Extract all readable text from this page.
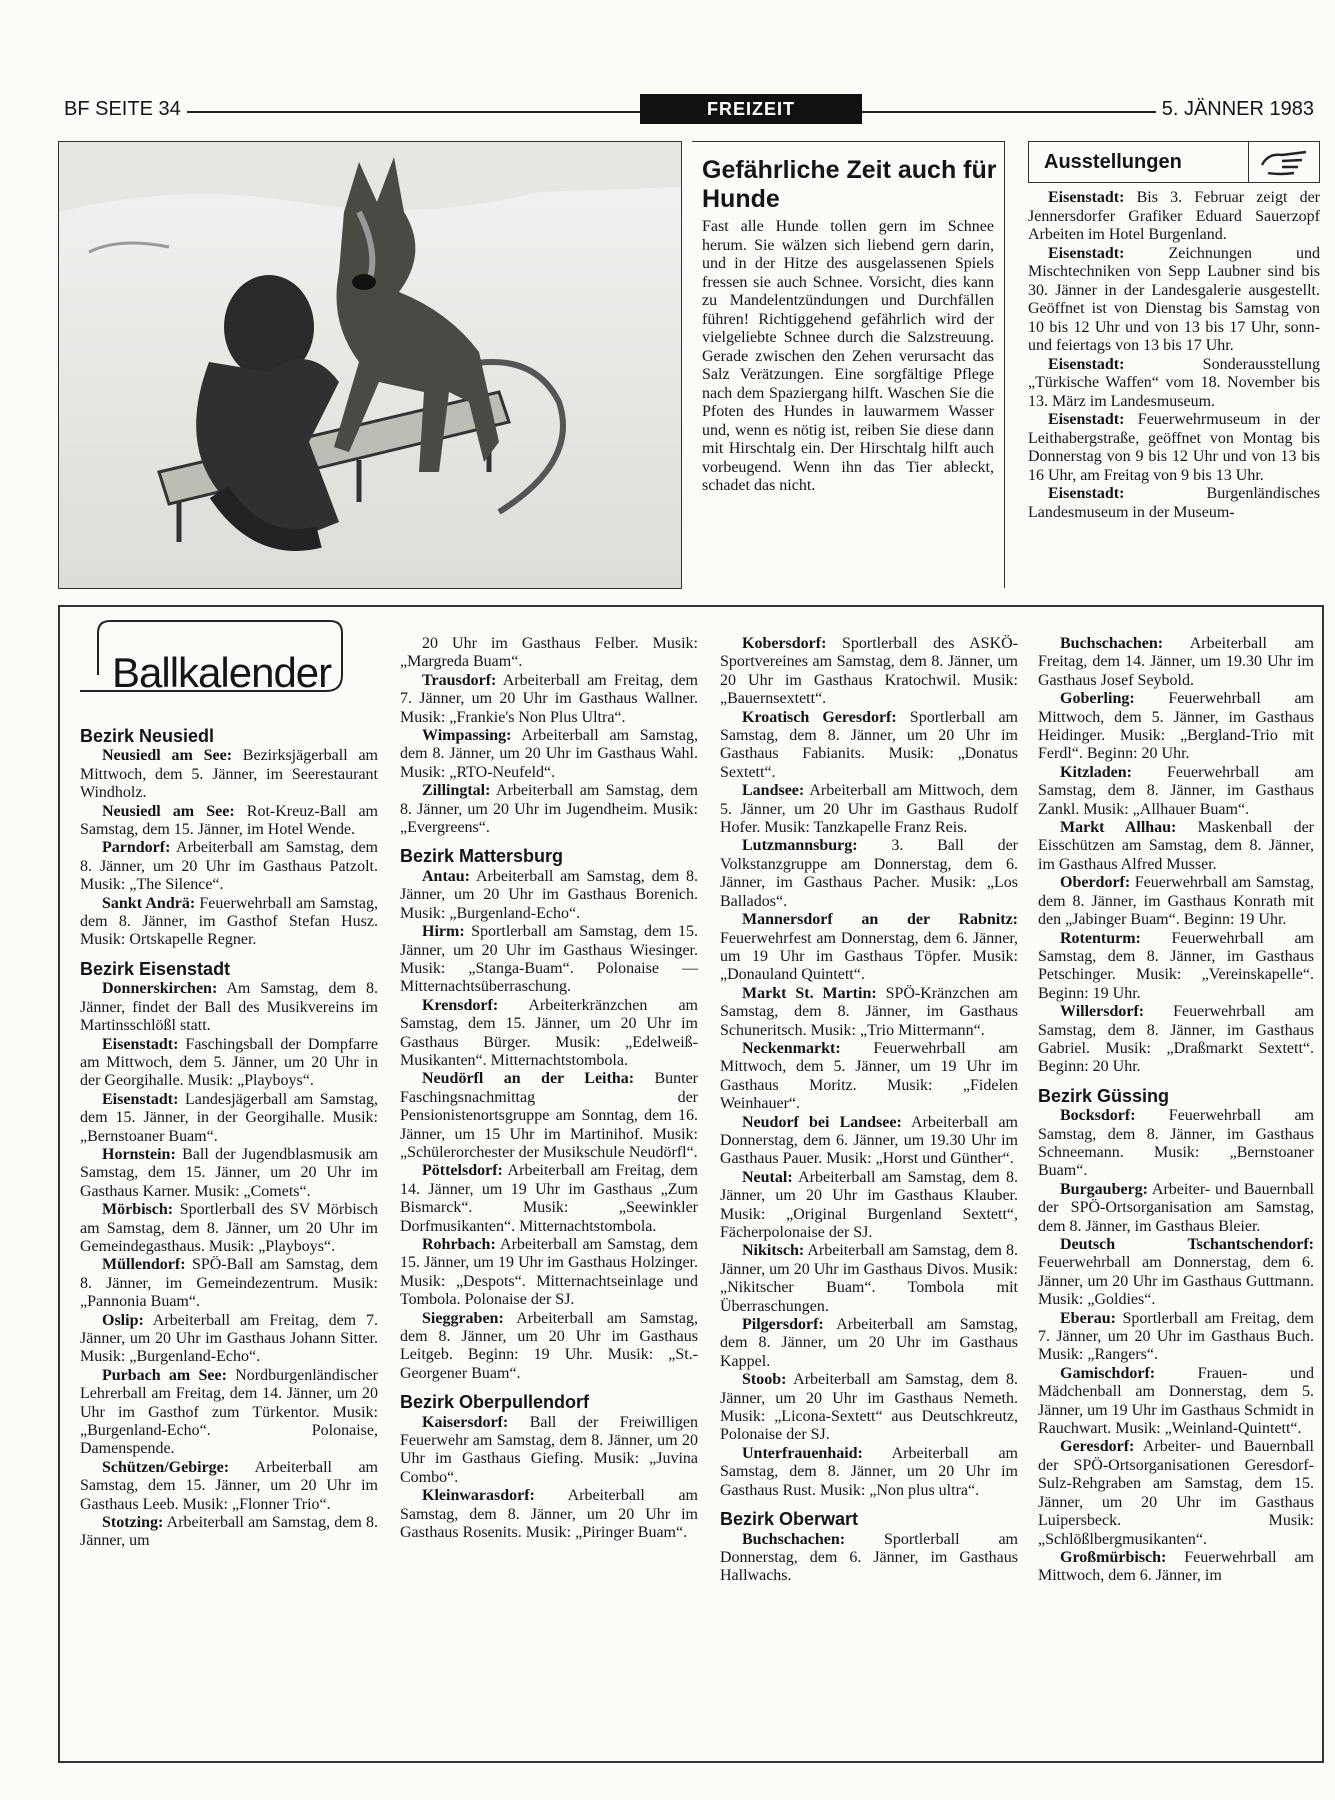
BF SEITE 34	FREIZEIT	5. JÄNNER 1983
Gefährliche Zeit auch für Hunde
Fast alle Hunde tollen gern im Schnee herum. Sie wälzen sich liebend gern darin, und in der Hitze des ausgelassenen Spiels fressen sie auch Schnee. Vorsicht, dies kann zu Mandelentzündungen und Durchfällen führen! Richtiggehend gefährlich wird der vielgeliebte Schnee durch die Salzstreuung. Gerade zwischen den Zehen verursacht das Salz Verätzungen. Eine sorgfältige Pflege nach dem Spaziergang hilft. Waschen Sie die Pfoten des Hundes in lauwarmem Wasser und, wenn es nötig ist, reiben Sie diese dann mit Hirschtalg ein. Der Hirschtalg hilft auch vorbeugend. Wenn ihn das Tier ableckt, schadet das nicht.
Ausstellungen

Eisenstadt: Bis 3. Februar zeigt der Jennersdorfer Grafiker Eduard Sauerzopf Arbeiten im Hotel Burgenland.

Eisenstadt: Zeichnungen und Mischtechniken von Sepp Laubner sind bis 30. Jänner in der Landesgalerie ausgestellt. Geöffnet ist von Dienstag bis Samstag von 10 bis 12 Uhr und von 13 bis 17 Uhr, sonn- und feiertags von 13 bis 17 Uhr.

Eisenstadt: Sonderausstellung „Türkische Waffen“ vom 18. November bis 13. März im Landesmuseum.

Eisenstadt: Feuerwehrmuseum in der Leithabergstraße, geöffnet von Montag bis Donnerstag von 9 bis 12 Uhr und von 13 bis 16 Uhr, am Freitag von 9 bis 13 Uhr.

Eisenstadt: Burgenländisches Landesmuseum in der Museum-

Ballkalender
Bezirk Neusiedl

Neusiedl am See: Bezirksjägerball am Mittwoch, dem 5. Jänner, im Seerestaurant Windholz.

Neusiedl am See: Rot-Kreuz-Ball am Samstag, dem 15. Jänner, im Hotel Wende.

Parndorf: Arbeiterball am Samstag, dem 8. Jänner, um 20 Uhr im Gasthaus Patzolt. Musik: „The Silence“.

Sankt Andrä: Feuerwehrball am Samstag, dem 8. Jänner, im Gasthof Stefan Husz. Musik: Ortskapelle Regner.

Bezirk Eisenstadt

Donnerskirchen: Am Samstag, dem 8. Jänner, findet der Ball des Musikvereins im Martinsschlößl statt.

Eisenstadt: Faschingsball der Dompfarre am Mittwoch, dem 5. Jänner, um 20 Uhr in der Georgihalle. Musik: „Playboys“.

Eisenstadt: Landesjägerball am Samstag, dem 15. Jänner, in der Georgihalle. Musik: „Bernstoaner Buam“.

Hornstein: Ball der Jugendblasmusik am Samstag, dem 15. Jänner, um 20 Uhr im Gasthaus Karner. Musik: „Comets“.

Mörbisch: Sportlerball des SV Mörbisch am Samstag, dem 8. Jänner, um 20 Uhr im Gemeindegasthaus. Musik: „Playboys“.

Müllendorf: SPÖ-Ball am Samstag, dem 8. Jänner, im Gemeindezentrum. Musik: „Pannonia Buam“.

Oslip: Arbeiterball am Freitag, dem 7. Jänner, um 20 Uhr im Gasthaus Johann Sitter. Musik: „Burgenland-Echo“.

Purbach am See: Nordburgenländischer Lehrerball am Freitag, dem 14. Jänner, um 20 Uhr im Gasthof zum Türkentor. Musik: „Burgenland-Echo“. Polonaise, Damenspende.

Schützen/Gebirge: Arbeiterball am Samstag, dem 15. Jänner, um 20 Uhr im Gasthaus Leeb. Musik: „Flonner Trio“.

Stotzing: Arbeiterball am Samstag, dem 8. Jänner, um

20 Uhr im Gasthaus Felber. Musik: „Margreda Buam“.

Trausdorf: Arbeiterball am Freitag, dem 7. Jänner, um 20 Uhr im Gasthaus Wallner. Musik: „Frankie's Non Plus Ultra“.

Wimpassing: Arbeiterball am Samstag, dem 8. Jänner, um 20 Uhr im Gasthaus Wahl. Musik: „RTO-Neufeld“.

Zillingtal: Arbeiterball am Samstag, dem 8. Jänner, um 20 Uhr im Jugendheim. Musik: „Evergreens“.

Bezirk Mattersburg

Antau: Arbeiterball am Samstag, dem 8. Jänner, um 20 Uhr im Gasthaus Borenich. Musik: „Burgenland-Echo“.

Hirm: Sportlerball am Samstag, dem 15. Jänner, um 20 Uhr im Gasthaus Wiesinger. Musik: „Stanga-Buam“. Polonaise — Mitternachtsüberraschung.

Krensdorf: Arbeiterkränzchen am Samstag, dem 15. Jänner, um 20 Uhr im Gasthaus Bürger. Musik: „Edelweiß-Musikanten“. Mitternachtstombola.

Neudörfl an der Leitha: Bunter Faschingsnachmittag der Pensionistenortsgruppe am Sonntag, dem 16. Jänner, um 15 Uhr im Martinihof. Musik: „Schülerorchester der Musikschule Neudörfl“.

Pöttelsdorf: Arbeiterball am Freitag, dem 14. Jänner, um 19 Uhr im Gasthaus „Zum Bismarck“. Musik: „Seewinkler Dorfmusikanten“. Mitternachtstombola.

Rohrbach: Arbeiterball am Samstag, dem 15. Jänner, um 19 Uhr im Gasthaus Holzinger. Musik: „Despots“. Mitternachtseinlage und Tombola. Polonaise der SJ.

Sieggraben: Arbeiterball am Samstag, dem 8. Jänner, um 20 Uhr im Gasthaus Leitgeb. Beginn: 19 Uhr. Musik: „St.-Georgener Buam“.

Bezirk Oberpullendorf

Kaisersdorf: Ball der Freiwilligen Feuerwehr am Samstag, dem 8. Jänner, um 20 Uhr im Gasthaus Giefing. Musik: „Juvina Combo“.

Kleinwarasdorf: Arbeiterball am Samstag, dem 8. Jänner, um 20 Uhr im Gasthaus Rosenits. Musik: „Piringer Buam“.

Kobersdorf: Sportlerball des ASKÖ-Sportvereines am Samstag, dem 8. Jänner, um 20 Uhr im Gasthaus Kratochwil. Musik: „Bauernsextett“.

Kroatisch Geresdorf: Sportlerball am Samstag, dem 8. Jänner, um 20 Uhr im Gasthaus Fabianits. Musik: „Donatus Sextett“.

Landsee: Arbeiterball am Mittwoch, dem 5. Jänner, um 20 Uhr im Gasthaus Rudolf Hofer. Musik: Tanzkapelle Franz Reis.

Lutzmannsburg: 3. Ball der Volkstanzgruppe am Donnerstag, dem 6. Jänner, im Gasthaus Pacher. Musik: „Los Ballados“.

Mannersdorf an der Rabnitz: Feuerwehrfest am Donnerstag, dem 6. Jänner, um 19 Uhr im Gasthaus Töpfer. Musik: „Donauland Quintett“.

Markt St. Martin: SPÖ-Kränzchen am Samstag, dem 8. Jänner, im Gasthaus Schuneritsch. Musik: „Trio Mittermann“.

Neckenmarkt: Feuerwehrball am Mittwoch, dem 5. Jänner, um 19 Uhr im Gasthaus Moritz. Musik: „Fidelen Weinhauer“.

Neudorf bei Landsee: Arbeiterball am Donnerstag, dem 6. Jänner, um 19.30 Uhr im Gasthaus Pauer. Musik: „Horst und Günther“.

Neutal: Arbeiterball am Samstag, dem 8. Jänner, um 20 Uhr im Gasthaus Klauber. Musik: „Original Burgenland Sextett“, Fächerpolonaise der SJ.

Nikitsch: Arbeiterball am Samstag, dem 8. Jänner, um 20 Uhr im Gasthaus Divos. Musik: „Nikitscher Buam“. Tombola mit Überraschungen.

Pilgersdorf: Arbeiterball am Samstag, dem 8. Jänner, um 20 Uhr im Gasthaus Kappel.

Stoob: Arbeiterball am Samstag, dem 8. Jänner, um 20 Uhr im Gasthaus Nemeth. Musik: „Licona-Sextett“ aus Deutschkreutz, Polonaise der SJ.

Unterfrauenhaid: Arbeiterball am Samstag, dem 8. Jänner, um 20 Uhr im Gasthaus Rust. Musik: „Non plus ultra“.

Bezirk Oberwart

Buchschachen: Sportlerball am Donnerstag, dem 6. Jänner, im Gasthaus Hallwachs.

Buchschachen: Arbeiterball am Freitag, dem 14. Jänner, um 19.30 Uhr im Gasthaus Josef Seybold.

Goberling: Feuerwehrball am Mittwoch, dem 5. Jänner, im Gasthaus Heidinger. Musik: „Bergland-Trio mit Ferdl“. Beginn: 20 Uhr.

Kitzladen: Feuerwehrball am Samstag, dem 8. Jänner, im Gasthaus Zankl. Musik: „Allhauer Buam“.

Markt Allhau: Maskenball der Eisschützen am Samstag, dem 8. Jänner, im Gasthaus Alfred Musser.

Oberdorf: Feuerwehrball am Samstag, dem 8. Jänner, im Gasthaus Konrath mit den „Jabinger Buam“. Beginn: 19 Uhr.

Rotenturm: Feuerwehrball am Samstag, dem 8. Jänner, im Gasthaus Petschinger. Musik: „Vereinskapelle“. Beginn: 19 Uhr.

Willersdorf: Feuerwehrball am Samstag, dem 8. Jänner, im Gasthaus Gabriel. Musik: „Draßmarkt Sextett“. Beginn: 20 Uhr.

Bezirk Güssing

Bocksdorf: Feuerwehrball am Samstag, dem 8. Jänner, im Gasthaus Schneemann. Musik: „Bernstoaner Buam“.

Burgauberg: Arbeiter- und Bauernball der SPÖ-Ortsorganisation am Samstag, dem 8. Jänner, im Gasthaus Bleier.

Deutsch Tschantschendorf: Feuerwehrball am Donnerstag, dem 6. Jänner, um 20 Uhr im Gasthaus Guttmann. Musik: „Goldies“.

Eberau: Sportlerball am Freitag, dem 7. Jänner, um 20 Uhr im Gasthaus Buch. Musik: „Rangers“.

Gamischdorf: Frauen- und Mädchenball am Donnerstag, dem 5. Jänner, um 19 Uhr im Gasthaus Schmidt in Rauchwart. Musik: „Weinland-Quintett“.

Geresdorf: Arbeiter- und Bauernball der SPÖ-Ortsorganisationen Geresdorf-Sulz-Rehgraben am Samstag, dem 15. Jänner, um 20 Uhr im Gasthaus Luipersbeck. Musik: „Schlößlbergmusikanten“.

Großmürbisch: Feuerwehrball am Mittwoch, dem 6. Jänner, im
